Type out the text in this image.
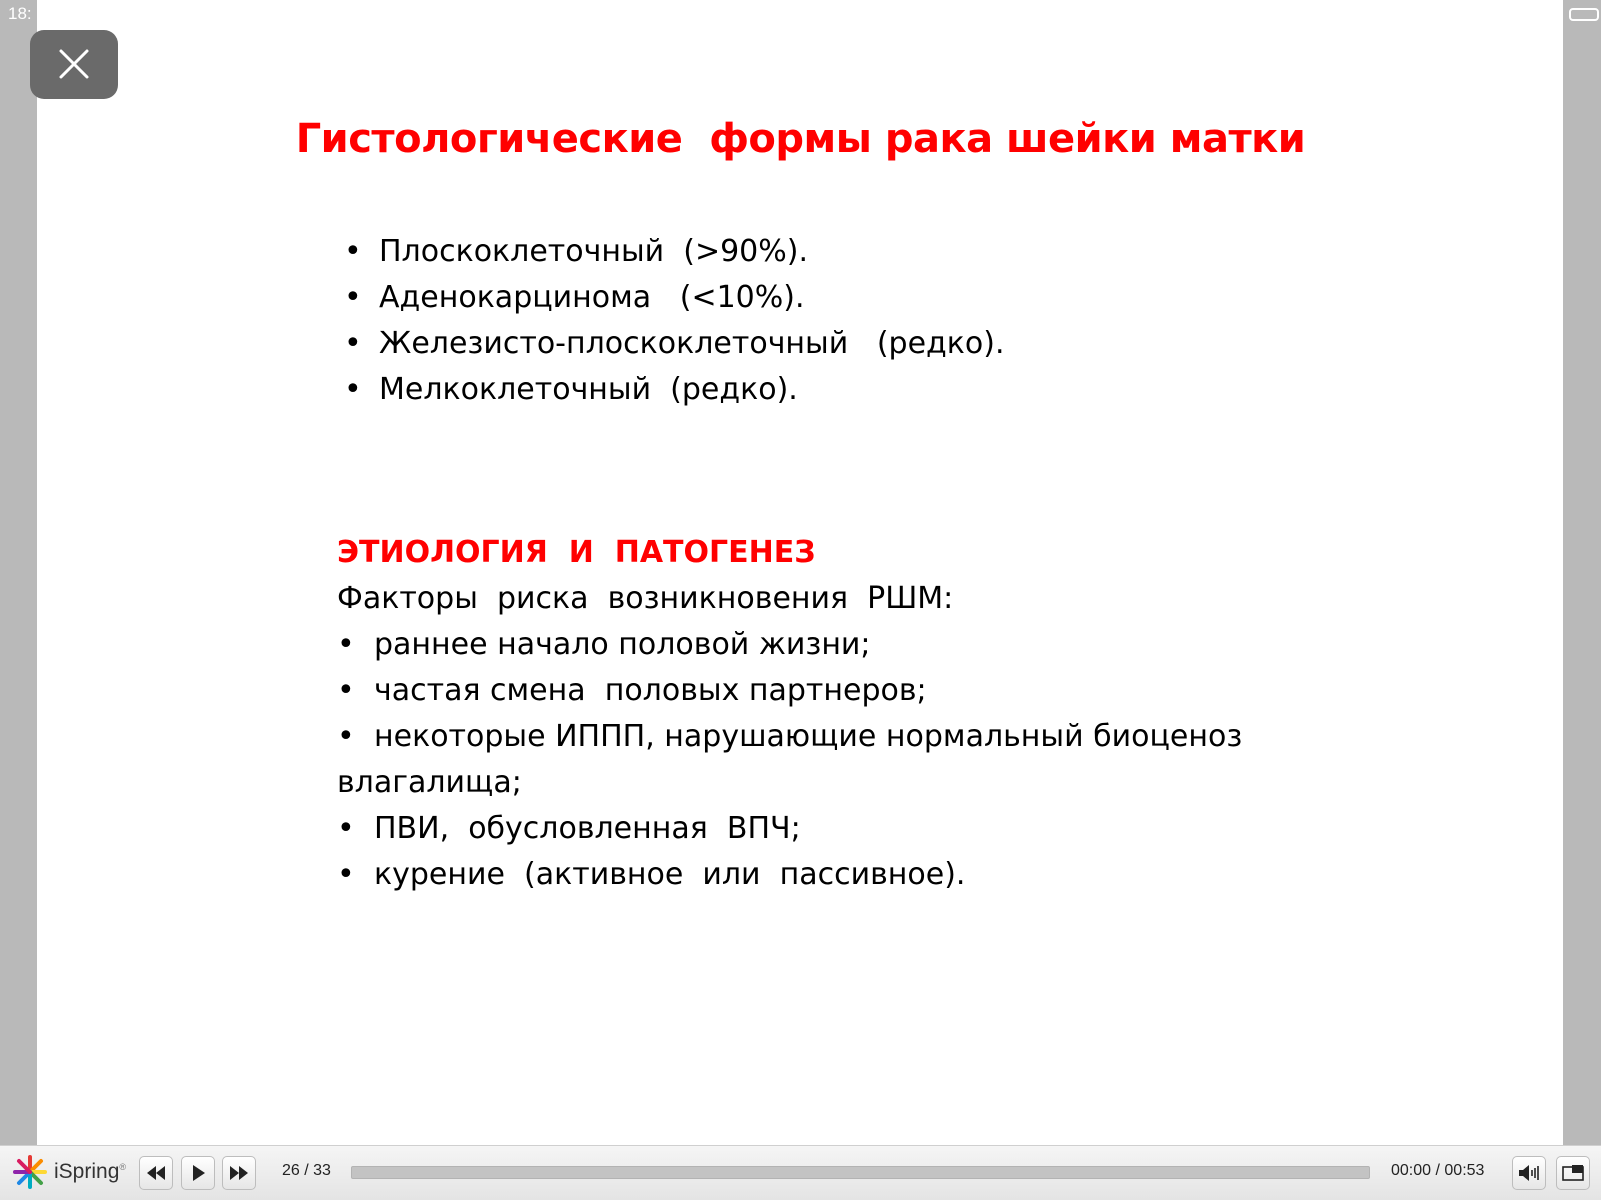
18:
Гистологические  формы рака шейки матки
• Плоскоклеточный  (>90%).
• Аденокарцинома   (<10%).
• Железисто-плоскоклеточный   (редко).
• Мелкоклеточный  (редко).
ЭТИОЛОГИЯ  И  ПАТОГЕНЕЗ
Факторы  риска  возникновения  РШМ:
• раннее начало половой жизни;
• частая смена  половых партнеров;
• некоторые ИППП, нарушающие нормальный биоценоз
влагалища;
• ПВИ,  обусловленная  ВПЧ;
• курение  (активное  или  пассивное).
iSpring®	26 / 33	00:00 / 00:53
